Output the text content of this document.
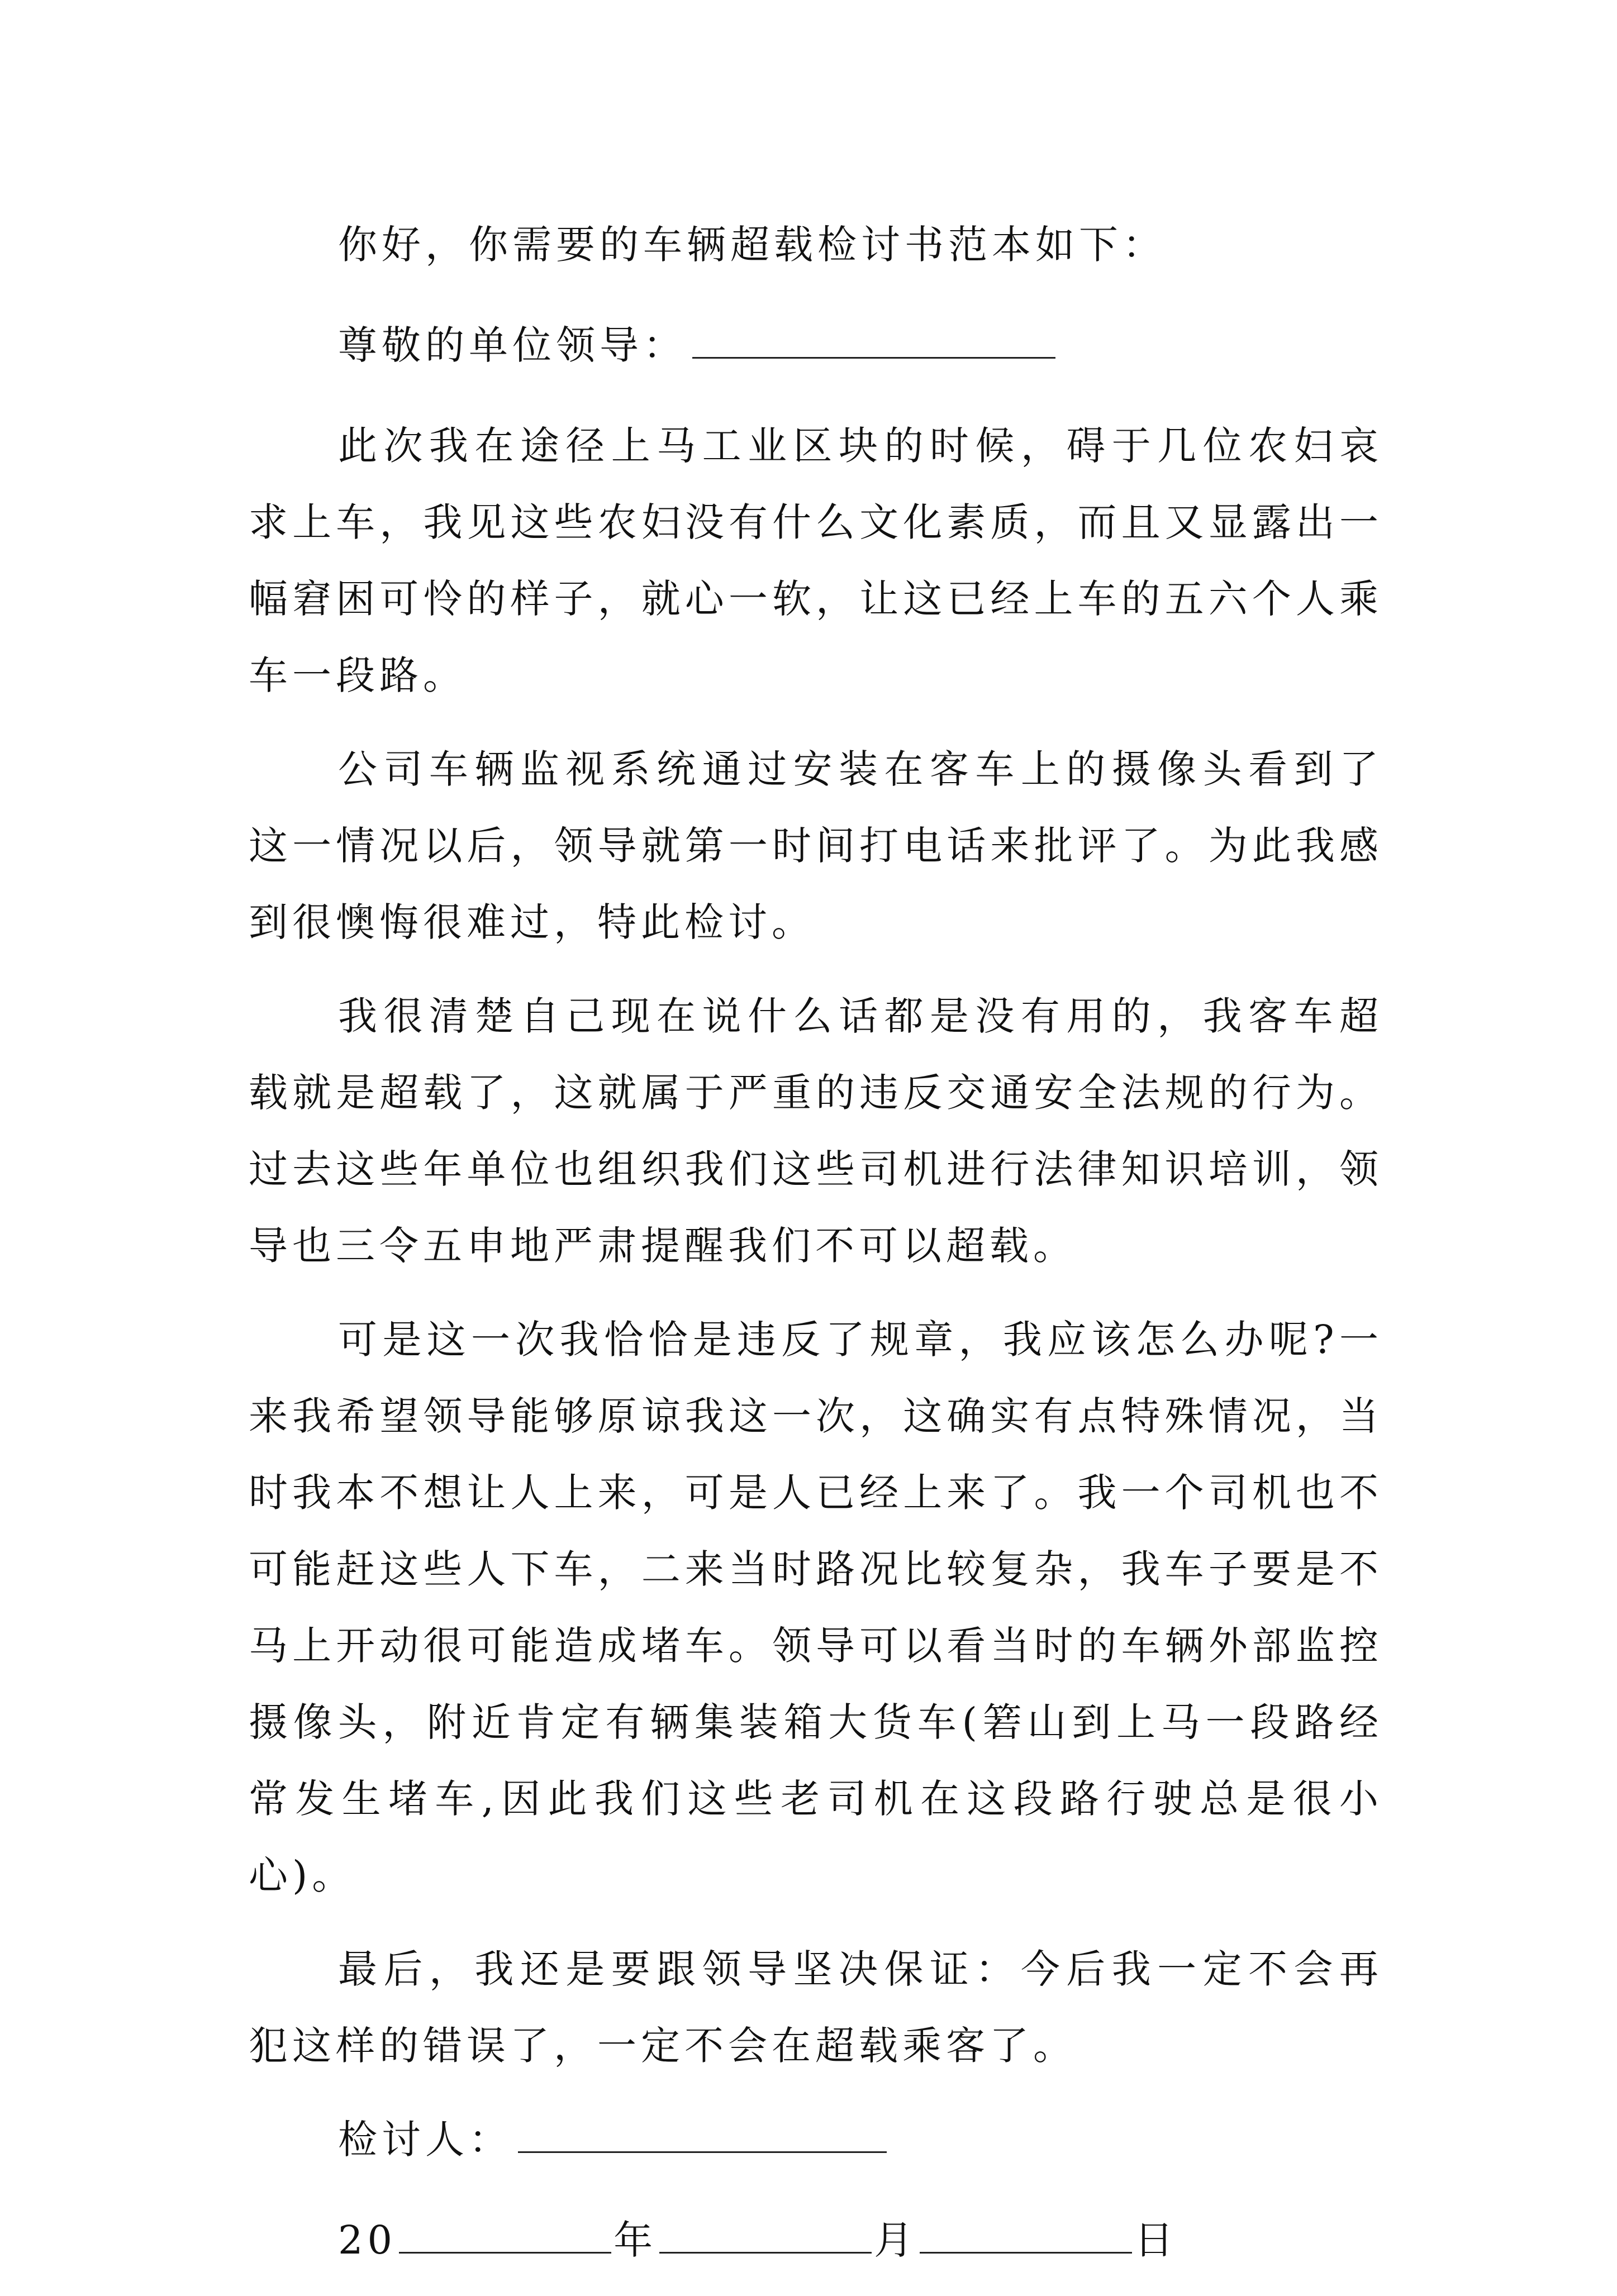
你好，你需要的车辆超载检讨书范本如下：

尊敬的单位领导：

此次我在途径上马工业区块的时候，碍于几位农妇哀求上车，我见这些农妇没有什么文化素质，而且又显露出一幅窘困可怜的样子，就心一软，让这已经上车的五六个人乘车一段路。

公司车辆监视系统通过安装在客车上的摄像头看到了这一情况以后，领导就第一时间打电话来批评了。为此我感到很懊悔很难过，特此检讨。

我很清楚自己现在说什么话都是没有用的，我客车超载就是超载了，这就属于严重的违反交通安全法规的行为。过去这些年单位也组织我们这些司机进行法律知识培训，领导也三令五申地严肃提醒我们不可以超载。

可是这一次我恰恰是违反了规章，我应该怎么办呢?一来我希望领导能够原谅我这一次，这确实有点特殊情况，当时我本不想让人上来，可是人已经上来了。我一个司机也不可能赶这些人下车，二来当时路况比较复杂，我车子要是不马上开动很可能造成堵车。领导可以看当时的车辆外部监控摄像头，附近肯定有辆集装箱大货车(箬山到上马一段路经常发生堵车,因此我们这些老司机在这段路行驶总是很小心)。

最后，我还是要跟领导坚决保证：今后我一定不会再犯这样的错误了，一定不会在超载乘客了。

检讨人：

20	年	月	日
